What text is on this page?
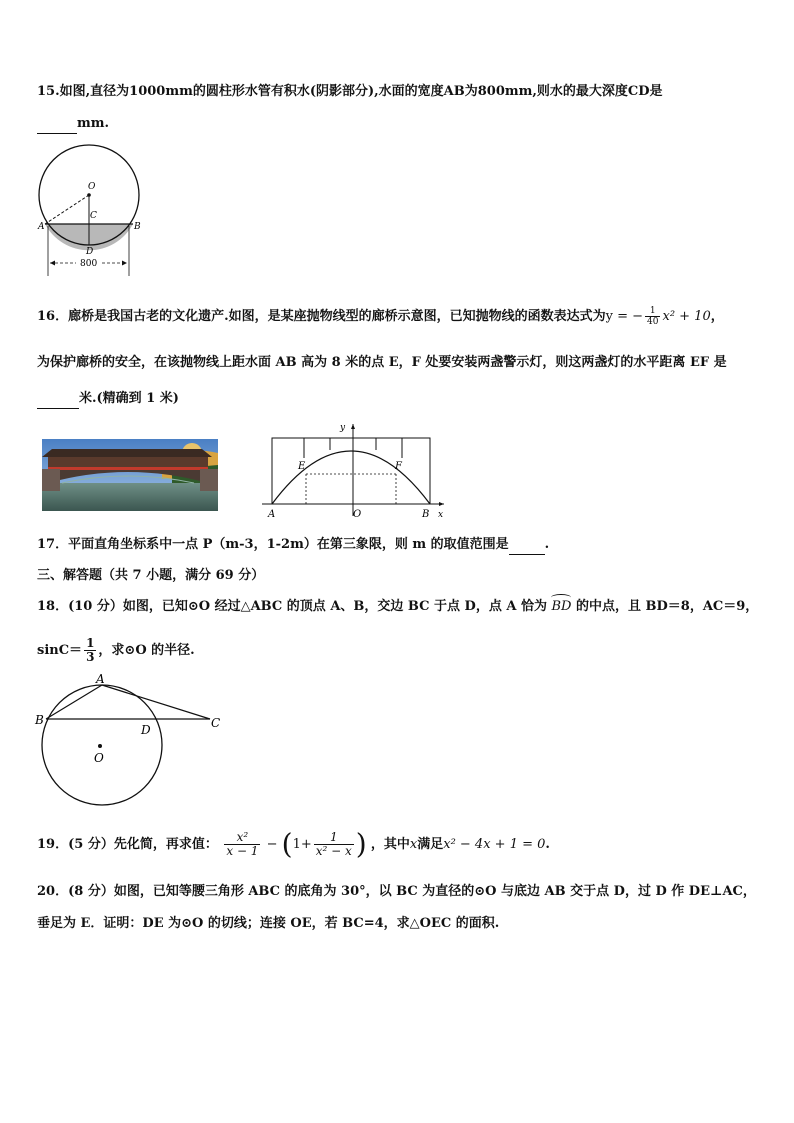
15.如图,直径为1000mm的圆柱形水管有积水(阴影部分),水面的宽度AB为800mm,则水的最大深度CD是
mm.
O
A	B
C
D
800
16．廊桥是我国古老的文化遗产.如图，是某座抛物线型的廊桥示意图，已知抛物线的函数表达式为y = − $\frac{1}{40} x^2 + 10$，
为保护廊桥的安全，在该抛物线上距水面 AB 高为 8 米的点 E，F 处要安装两盏警示灯，则这两盏灯的水平距离 EF 是
米.(精确到 1 米)
y
x
E	F
A	O	B
17．平面直角坐标系中一点 P（m-3，1-2m）在第三象限，则 m 的取值范围是	.
三、解答题（共 7 小题，满分 69 分）
18．(10 分）如图，已知⊙O 经过△ABC 的顶点 A、B，交边 BC 于点 D，点 A 恰为 BD 的中点，且 BD＝8，AC＝9，
$\sin C= \frac{1}{3}$ ，求⊙O 的半径.
A
B	C
D
O
19．(5 分）先化简，再求值： $\frac{\text{x²}}{x - 1} - (1+ \frac{1}{\text{x² − x}}$ ) ，其中x满足x² − 4x + 1 = 0.
20．(8 分）如图，已知等腰三角形 ABC 的底角为 30°，以 BC 为直径的⊙O 与底边 AB 交于点 D，过 D 作 DE⊥AC，
垂足为 E．证明：DE 为⊙O 的切线；连接 OE，若 BC=4，求△OEC 的面积.
